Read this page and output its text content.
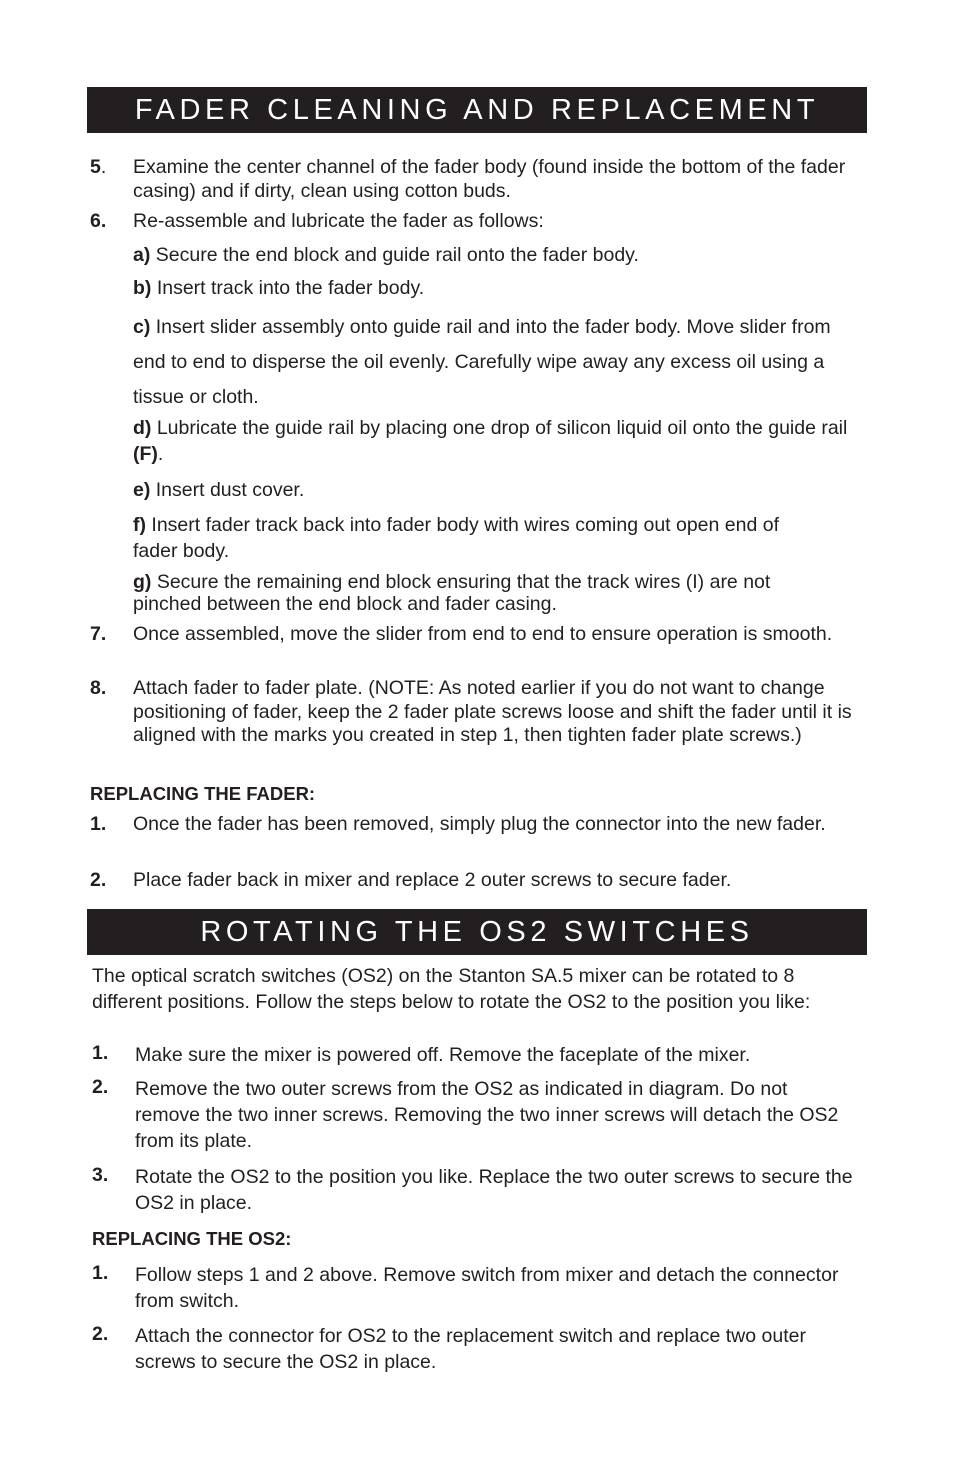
FADER CLEANING AND REPLACEMENT
5. Examine the center channel of the fader body (found inside the bottom of the fader casing) and if dirty, clean using cotton buds.
6. Re-assemble and lubricate the fader as follows:
a) Secure the end block and guide rail onto the fader body.
b) Insert track into the fader body.
c) Insert slider assembly onto guide rail and into the fader body. Move slider from end to end to disperse the oil evenly. Carefully wipe away any excess oil using a tissue or cloth.
d) Lubricate the guide rail by placing one drop of silicon liquid oil onto the guide rail (F).
e) Insert dust cover.
f) Insert fader track back into fader body with wires coming out open end of fader body.
g) Secure the remaining end block ensuring that the track wires (I) are not pinched between the end block and fader casing.
7. Once assembled, move the slider from end to end to ensure operation is smooth.
8. Attach fader to fader plate. (NOTE: As noted earlier if you do not want to change positioning of fader, keep the 2 fader plate screws loose and shift the fader until it is aligned with the marks you created in step 1, then tighten fader plate screws.)
REPLACING THE FADER:
1. Once the fader has been removed, simply plug the connector into the new fader.
2. Place fader back in mixer and replace 2 outer screws to secure fader.
ROTATING THE OS2 SWITCHES
The optical scratch switches (OS2) on the Stanton SA.5 mixer can be rotated to 8 different positions. Follow the steps below to rotate the OS2 to the position you like:
1. Make sure the mixer is powered off. Remove the faceplate of the mixer.
2. Remove the two outer screws from the OS2 as indicated in diagram. Do not remove the two inner screws. Removing the two inner screws will detach the OS2 from its plate.
3. Rotate the OS2 to the position you like. Replace the two outer screws to secure the OS2 in place.
REPLACING THE OS2:
1. Follow steps 1 and 2 above. Remove switch from mixer and detach the connector from switch.
2. Attach the connector for OS2 to the replacement switch and replace two outer screws to secure the OS2 in place.
